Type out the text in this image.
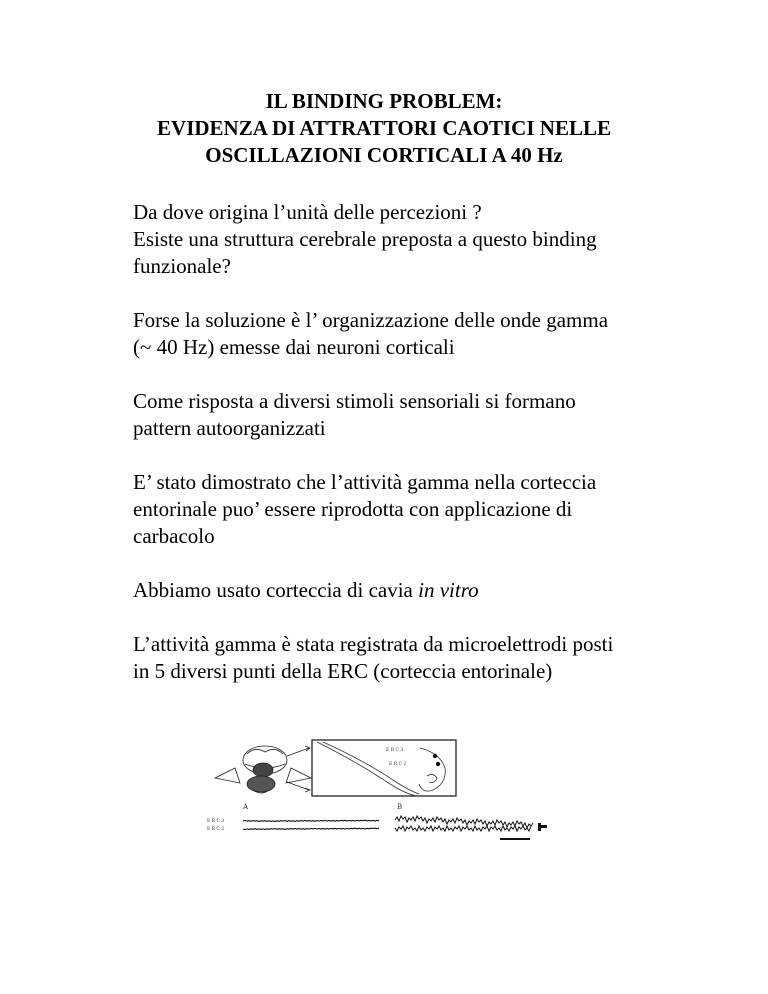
IL BINDING PROBLEM:
EVIDENZA DI ATTRATTORI CAOTICI NELLE
OSCILLAZIONI CORTICALI A 40 Hz
Da dove origina l’unità delle percezioni ?
Esiste una struttura cerebrale preposta a questo binding
funzionale?
Forse la soluzione è l’ organizzazione delle onde gamma
(~ 40 Hz) emesse dai neuroni corticali
Come risposta a diversi stimoli sensoriali si formano
pattern autoorganizzati
E’ stato dimostrato che l’attività gamma nella corteccia
entorinale puo’ essere riprodotta con applicazione di
carbacolo
Abbiamo usato corteccia di cavia in vitro
L’attività gamma è stata registrata da microelettrodi posti
in 5 diversi punti della ERC (corteccia entorinale)
E R C 3
E R C 2
A	B
E R C 3
E R C 2
